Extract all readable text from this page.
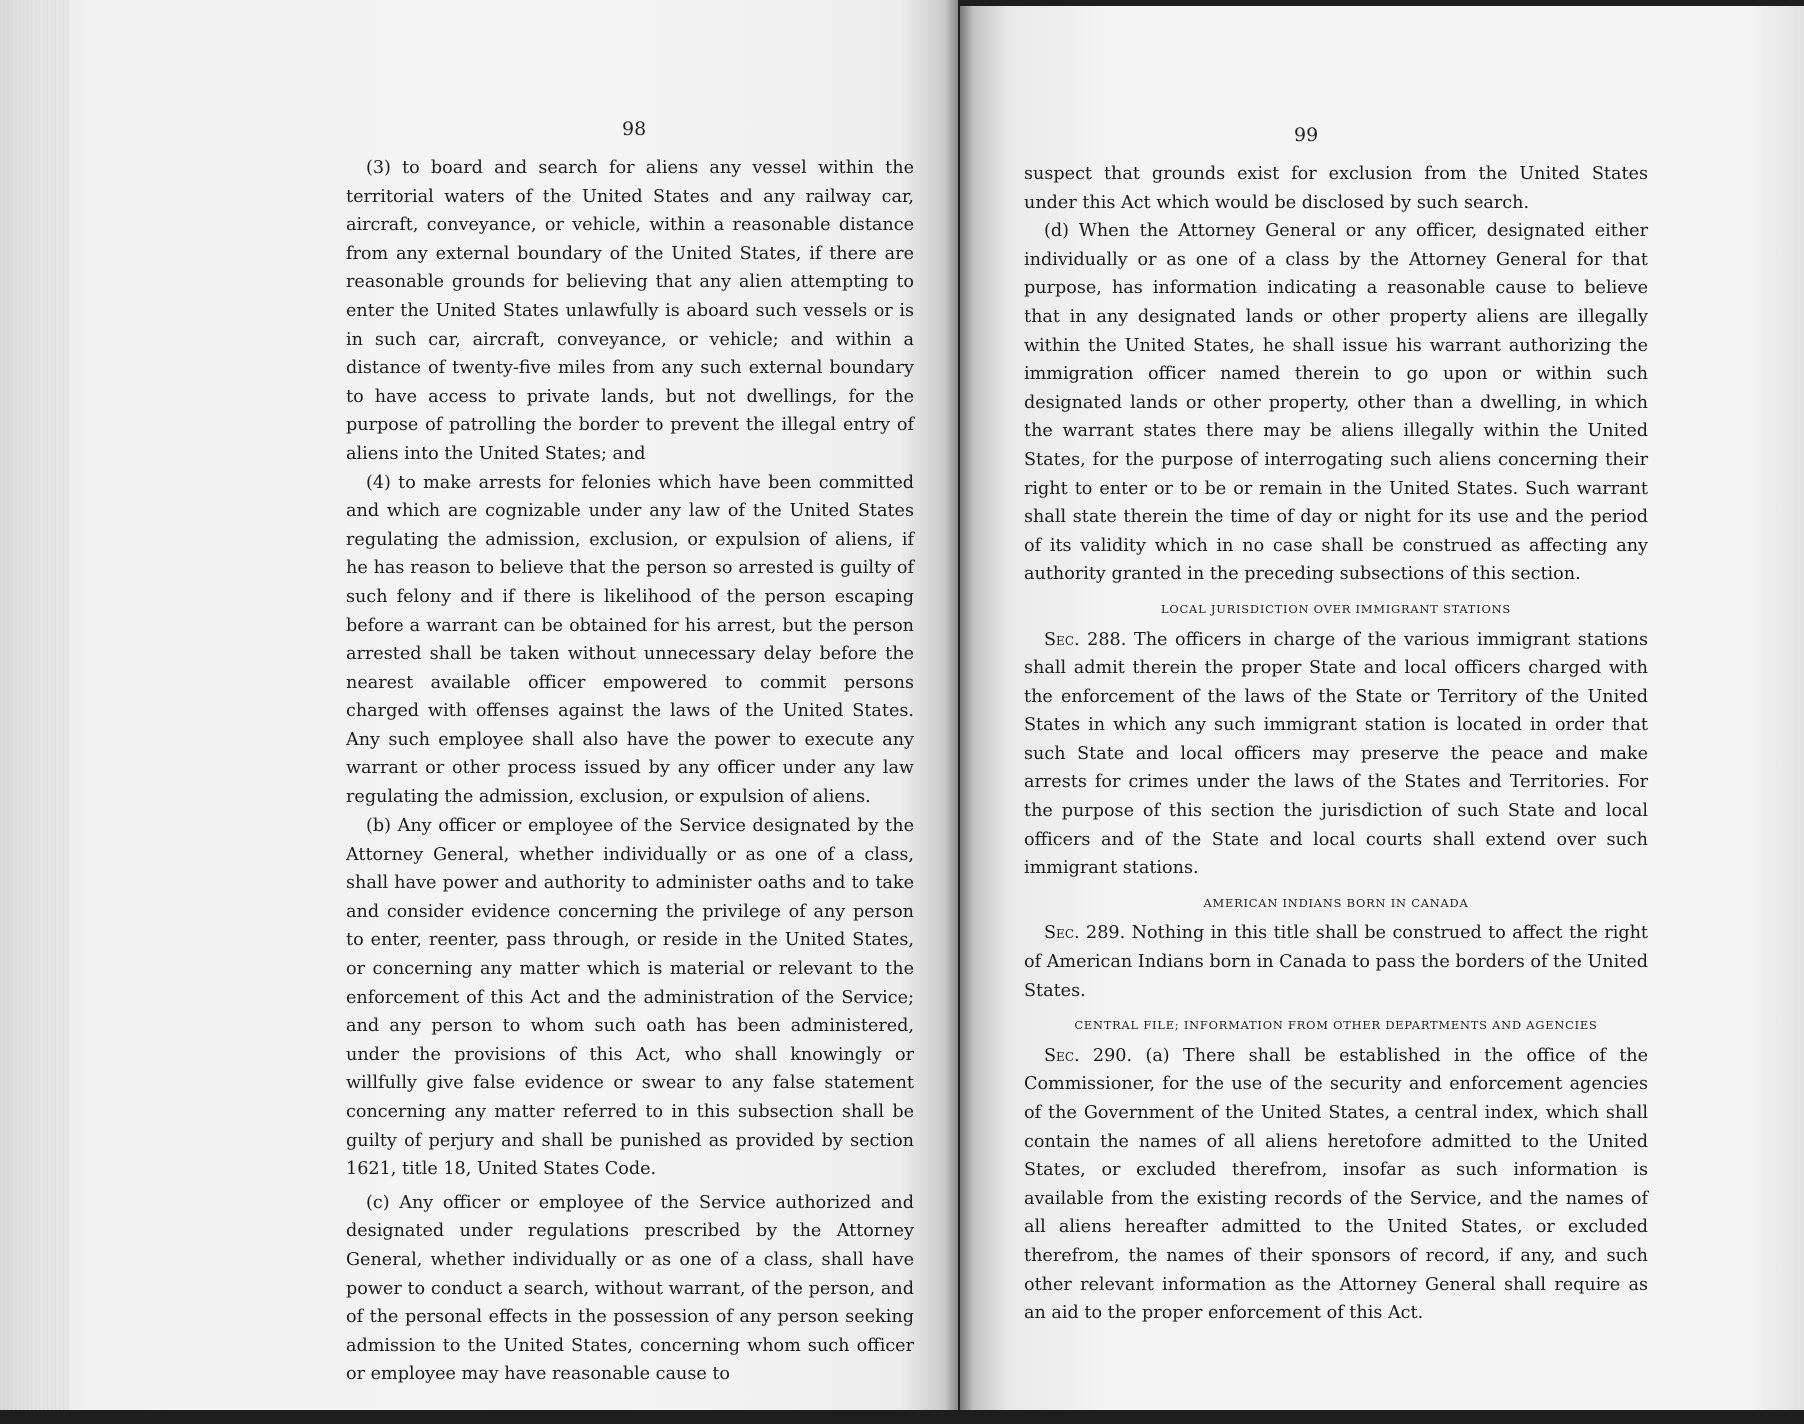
98

(3) to board and search for aliens any vessel within the territorial waters of the United States and any railway car, aircraft, conveyance, or vehicle, within a reasonable distance from any external boundary of the United States, if there are reasonable grounds for believing that any alien attempting to enter the United States unlawfully is aboard such vessels or is in such car, aircraft, conveyance, or vehicle; and within a distance of twenty-five miles from any such external boundary to have access to private lands, but not dwellings, for the purpose of patrolling the border to prevent the illegal entry of aliens into the United States; and

(4) to make arrests for felonies which have been committed and which are cognizable under any law of the United States regulating the admission, exclusion, or expulsion of aliens, if he has reason to believe that the person so arrested is guilty of such felony and if there is likelihood of the person escaping before a warrant can be obtained for his arrest, but the person arrested shall be taken without unnecessary delay before the nearest available officer empowered to commit persons charged with offenses against the laws of the United States. Any such employee shall also have the power to execute any warrant or other process issued by any officer under any law regulating the admission, exclusion, or expulsion of aliens.

(b) Any officer or employee of the Service designated by the Attorney General, whether individually or as one of a class, shall have power and authority to administer oaths and to take and consider evidence concerning the privilege of any person to enter, reenter, pass through, or reside in the United States, or concerning any matter which is material or relevant to the enforcement of this Act and the administration of the Service; and any person to whom such oath has been administered, under the provisions of this Act, who shall knowingly or willfully give false evidence or swear to any false statement concerning any matter referred to in this subsection shall be guilty of perjury and shall be punished as provided by section 1621, title 18, United States Code.

(c) Any officer or employee of the Service authorized and designated under regulations prescribed by the Attorney General, whether individually or as one of a class, shall have power to conduct a search, without warrant, of the person, and of the personal effects in the possession of any person seeking admission to the United States, concerning whom such officer or employee may have reasonable cause to

99

suspect that grounds exist for exclusion from the United States under this Act which would be disclosed by such search.

(d) When the Attorney General or any officer, designated either individually or as one of a class by the Attorney General for that purpose, has information indicating a reasonable cause to believe that in any designated lands or other property aliens are illegally within the United States, he shall issue his warrant authorizing the immigration officer named therein to go upon or within such designated lands or other property, other than a dwelling, in which the warrant states there may be aliens illegally within the United States, for the purpose of interrogating such aliens concerning their right to enter or to be or remain in the United States. Such warrant shall state therein the time of day or night for its use and the period of its validity which in no case shall be construed as affecting any authority granted in the preceding subsections of this section.

LOCAL JURISDICTION OVER IMMIGRANT STATIONS

Sec. 288. The officers in charge of the various immigrant stations shall admit therein the proper State and local officers charged with the enforcement of the laws of the State or Territory of the United States in which any such immigrant station is located in order that such State and local officers may preserve the peace and make arrests for crimes under the laws of the States and Territories. For the purpose of this section the jurisdiction of such State and local officers and of the State and local courts shall extend over such immigrant stations.

AMERICAN INDIANS BORN IN CANADA

Sec. 289. Nothing in this title shall be construed to affect the right of American Indians born in Canada to pass the borders of the United States.

CENTRAL FILE; INFORMATION FROM OTHER DEPARTMENTS AND AGENCIES

Sec. 290. (a) There shall be established in the office of the Commissioner, for the use of the security and enforcement agencies of the Government of the United States, a central index, which shall contain the names of all aliens heretofore admitted to the United States, or excluded therefrom, insofar as such information is available from the existing records of the Service, and the names of all aliens hereafter admitted to the United States, or excluded therefrom, the names of their sponsors of record, if any, and such other relevant information as the Attorney General shall require as an aid to the proper enforcement of this Act.
